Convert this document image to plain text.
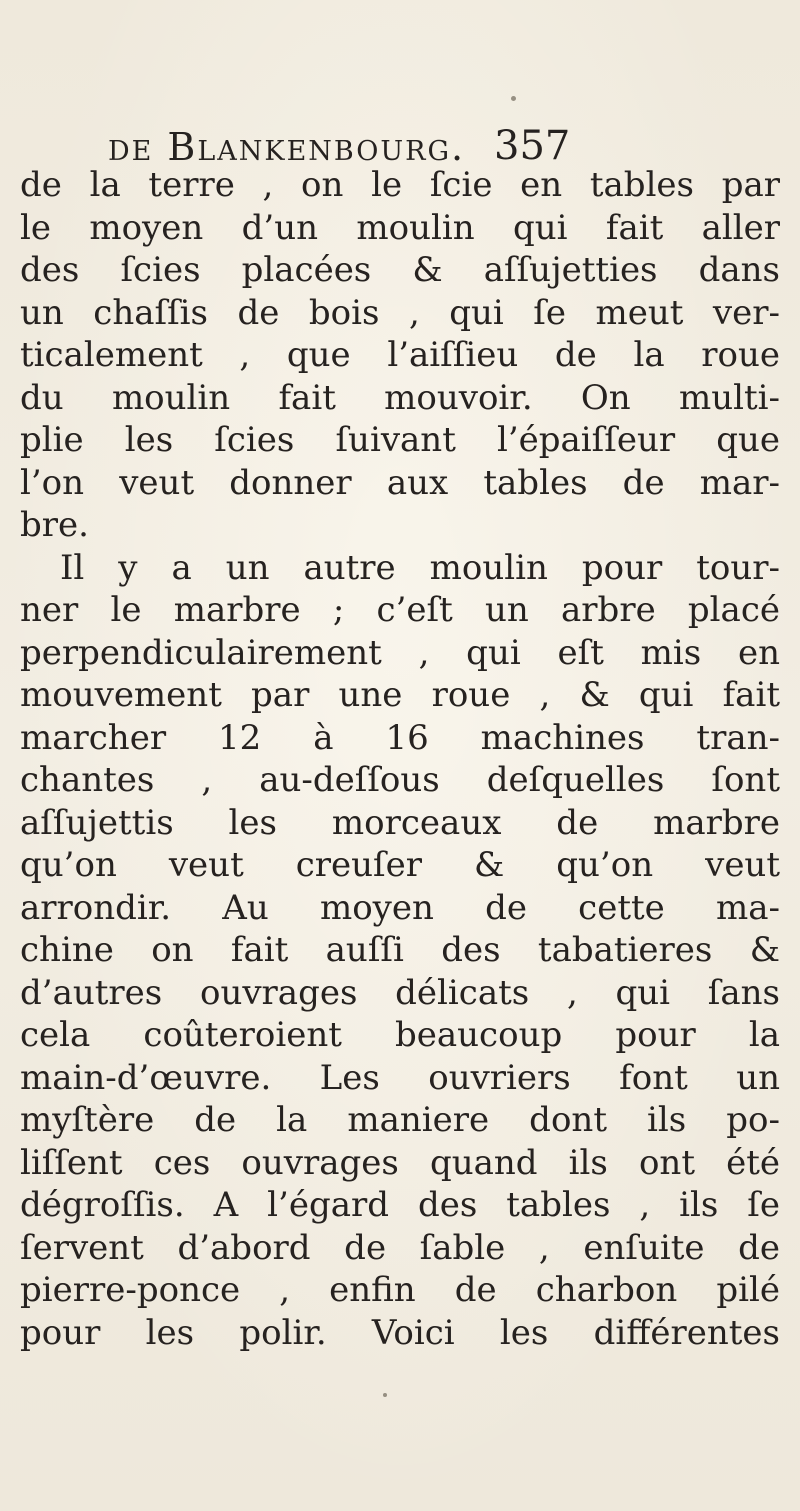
de Blankenbourg. 357
de la terre , on le ſcie en tables par
le moyen d’un moulin qui fait aller
des ſcies placées & aſſujetties dans
un chaſſis de bois , qui ſe meut ver-
ticalement , que l’aiſſieu de la roue
du moulin fait mouvoir. On multi-
plie les ſcies ſuivant l’épaiſſeur que
l’on veut donner aux tables de mar-
bre.
Il y a un autre moulin pour tour-
ner le marbre ; c’eſt un arbre placé
perpendiculairement , qui eſt mis en
mouvement par une roue , & qui fait
marcher 12 à 16 machines tran-
chantes , au-deſſous deſquelles ſont
aſſujettis les morceaux de marbre
qu’on veut creuſer & qu’on veut
arrondir. Au moyen de cette ma-
chine on fait auſſi des tabatieres &
d’autres ouvrages délicats , qui ſans
cela coûteroient beaucoup pour la
main-d’œuvre. Les ouvriers font un
myſtère de la maniere dont ils po-
liſſent ces ouvrages quand ils ont été
dégroſſis. A l’égard des tables , ils ſe
ſervent d’abord de ſable , enſuite de
pierre-ponce , enfin de charbon pilé
pour les polir. Voici les différentes
